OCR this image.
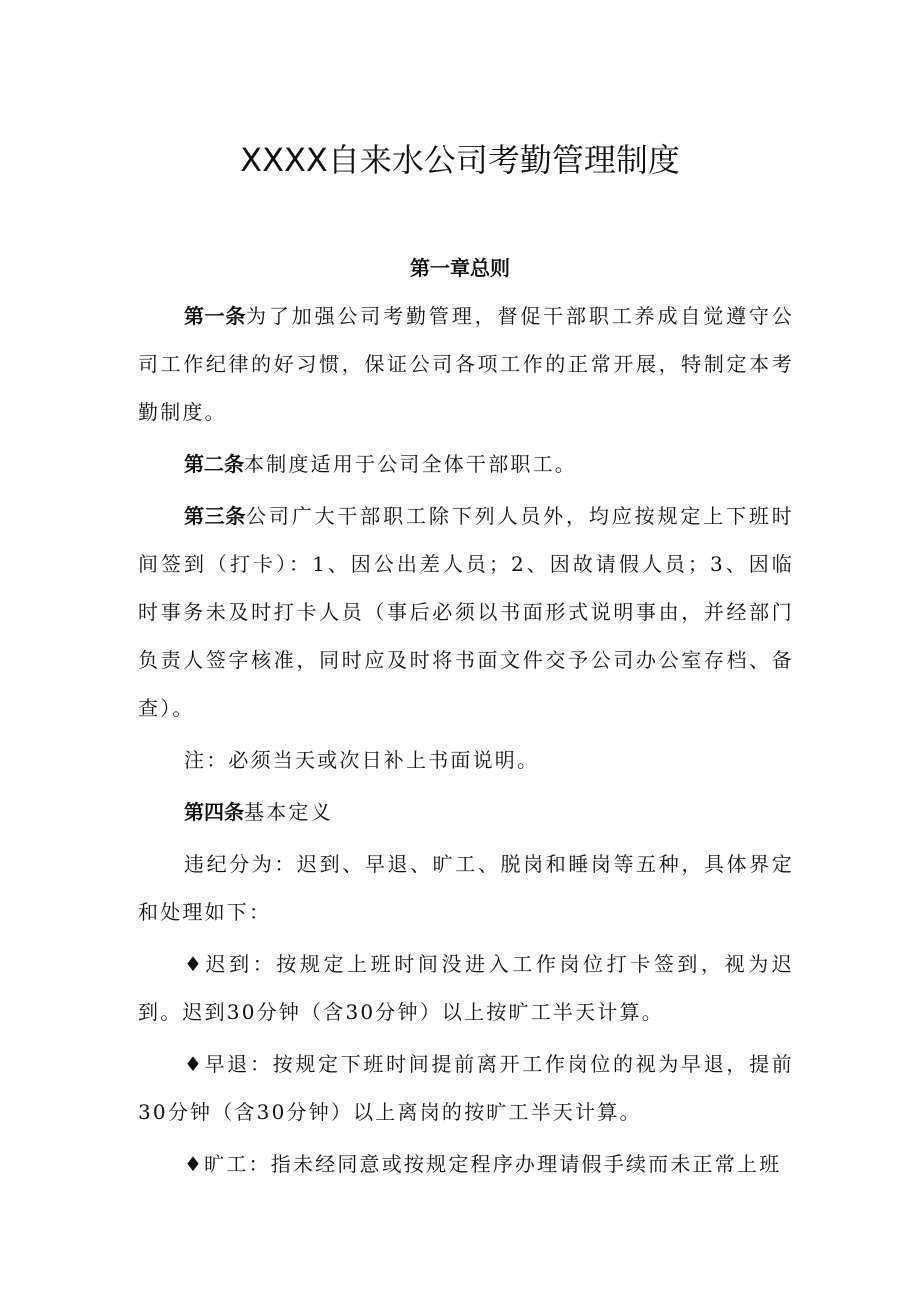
XXXX自来水公司考勤管理制度
第一章总则

第一条为了加强公司考勤管理，督促干部职工养成自觉遵守公司工作纪律的好习惯，保证公司各项工作的正常开展，特制定本考勤制度。

第二条本制度适用于公司全体干部职工。

第三条公司广大干部职工除下列人员外，均应按规定上下班时间签到（打卡）：1、因公出差人员；2、因故请假人员；3、因临时事务未及时打卡人员（事后必须以书面形式说明事由，并经部门负责人签字核准，同时应及时将书面文件交予公司办公室存档、备查）。

注：必须当天或次日补上书面说明。

第四条基本定义

违纪分为：迟到、早退、旷工、脱岗和睡岗等五种，具体界定和处理如下：

♦迟到：按规定上班时间没进入工作岗位打卡签到，视为迟到。迟到30分钟（含30分钟）以上按旷工半天计算。

♦早退：按规定下班时间提前离开工作岗位的视为早退，提前30分钟（含30分钟）以上离岗的按旷工半天计算。

♦旷工：指未经同意或按规定程序办理请假手续而未正常上班
